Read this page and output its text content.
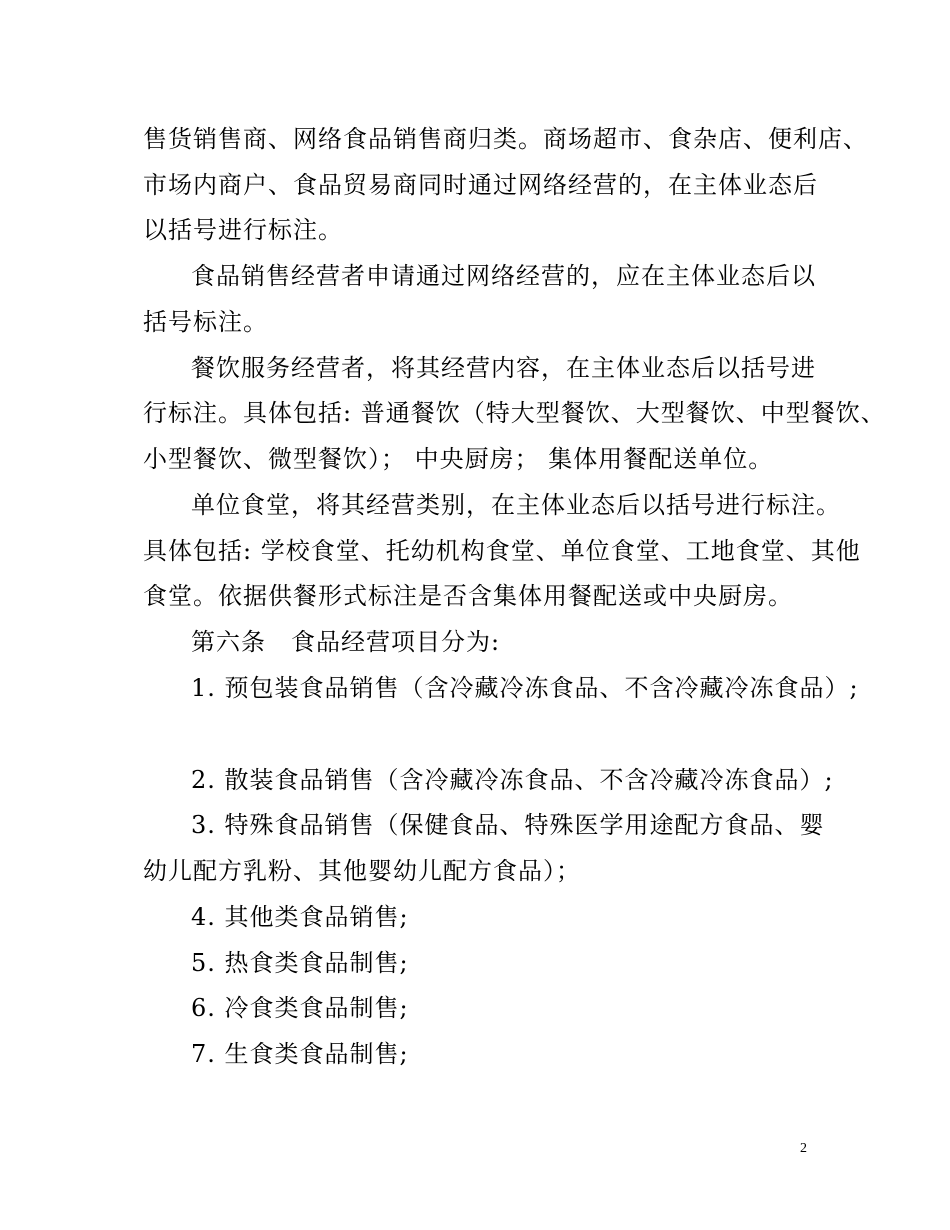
售货销售商、网络食品销售商归类。商场超市、食杂店、便利店、
市场内商户、食品贸易商同时通过网络经营的，在主体业态后
以括号进行标注。
食品销售经营者申请通过网络经营的，应在主体业态后以
括号标注。
餐饮服务经营者，将其经营内容，在主体业态后以括号进
行标注。具体包括: 普通餐饮（特大型餐饮、大型餐饮、中型餐饮、
小型餐饮、微型餐饮）； 中央厨房； 集体用餐配送单位。
单位食堂，将其经营类别，在主体业态后以括号进行标注。
具体包括: 学校食堂、托幼机构食堂、单位食堂、工地食堂、其他
食堂。依据供餐形式标注是否含集体用餐配送或中央厨房。
第六条　食品经营项目分为:
1. 预包装食品销售（含冷藏冷冻食品、不含冷藏冷冻食品）;
2. 散装食品销售（含冷藏冷冻食品、不含冷藏冷冻食品）;
3. 特殊食品销售（保健食品、特殊医学用途配方食品、婴
幼儿配方乳粉、其他婴幼儿配方食品）；
4. 其他类食品销售;
5. 热食类食品制售;
6. 冷食类食品制售;
7. 生食类食品制售;
2
